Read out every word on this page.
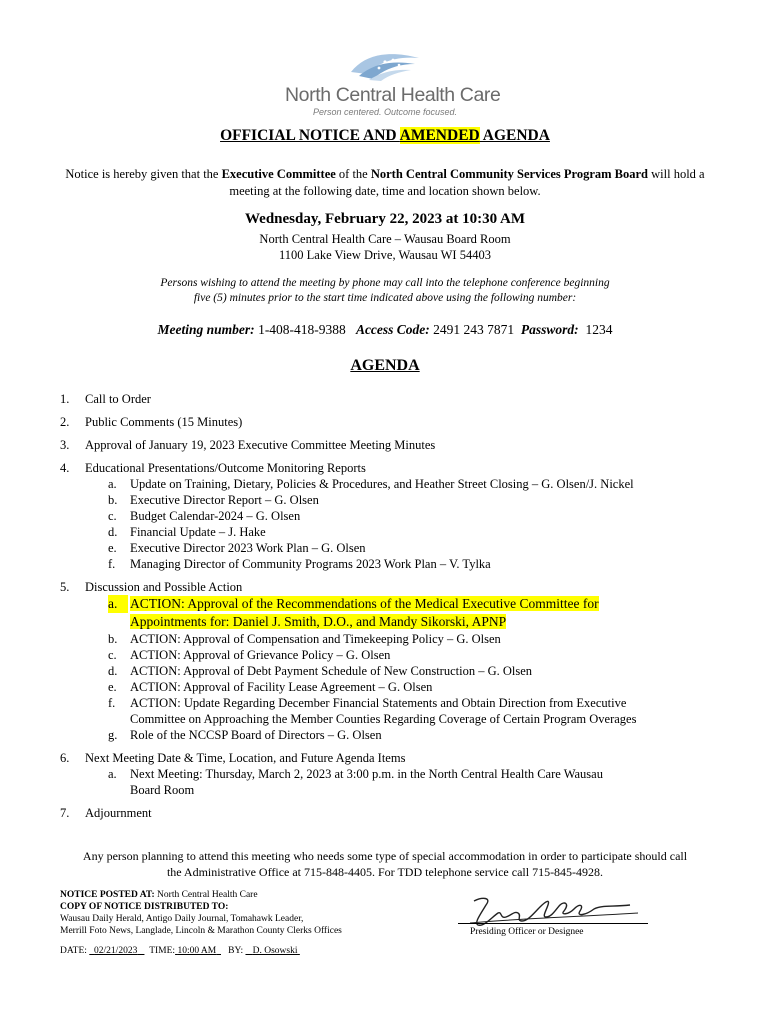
North Central Health Care
Person centered. Outcome focused.
OFFICIAL NOTICE AND AMENDED AGENDA
Notice is hereby given that the Executive Committee of the North Central Community Services Program Board will hold a meeting at the following date, time and location shown below.
Wednesday, February 22, 2023 at 10:30 AM
North Central Health Care – Wausau Board Room
1100 Lake View Drive, Wausau WI 54403
Persons wishing to attend the meeting by phone may call into the telephone conference beginning
five (5) minutes prior to the start time indicated above using the following number:
Meeting number: 1-408-418-9388 Access Code: 2491 243 7871 Password: 1234
AGENDA
1.	Call to Order
2.	Public Comments (15 Minutes)
3.	Approval of January 19, 2023 Executive Committee Meeting Minutes
4.	Educational Presentations/Outcome Monitoring Reports
a.	Update on Training, Dietary, Policies & Procedures, and Heather Street Closing – G. Olsen/J. Nickel
b.	Executive Director Report – G. Olsen
c.	Budget Calendar-2024 – G. Olsen
d.	Financial Update – J. Hake
e.	Executive Director 2023 Work Plan – G. Olsen
f.	Managing Director of Community Programs 2023 Work Plan – V. Tylka
5.	Discussion and Possible Action
a. ACTION: Approval of the Recommendations of the Medical Executive Committee for
Appointments for: Daniel J. Smith, D.O., and Mandy Sikorski, APNP
b.	ACTION: Approval of Compensation and Timekeeping Policy – G. Olsen
c.	ACTION: Approval of Grievance Policy – G. Olsen
d.	ACTION: Approval of Debt Payment Schedule of New Construction – G. Olsen
e.	ACTION: Approval of Facility Lease Agreement – G. Olsen
f.	ACTION: Update Regarding December Financial Statements and Obtain Direction from Executive
Committee on Approaching the Member Counties Regarding Coverage of Certain Program Overages
g.	Role of the NCCSP Board of Directors – G. Olsen
6.	Next Meeting Date & Time, Location, and Future Agenda Items
a.	Next Meeting: Thursday, March 2, 2023 at 3:00 p.m. in the North Central Health Care Wausau
Board Room
7.	Adjournment
Any person planning to attend this meeting who needs some type of special accommodation in order to participate should call
the Administrative Office at 715-848-4405. For TDD telephone service call 715-845-4928.
NOTICE POSTED AT: North Central Health Care
COPY OF NOTICE DISTRIBUTED TO:
Wausau Daily Herald, Antigo Daily Journal, Tomahawk Leader,
Merrill Foto News, Langlade, Lincoln & Marathon County Clerks Offices	Presiding Officer or Designee
DATE: 02/21/2023 TIME: 10:00 AM BY: D. Osowski
